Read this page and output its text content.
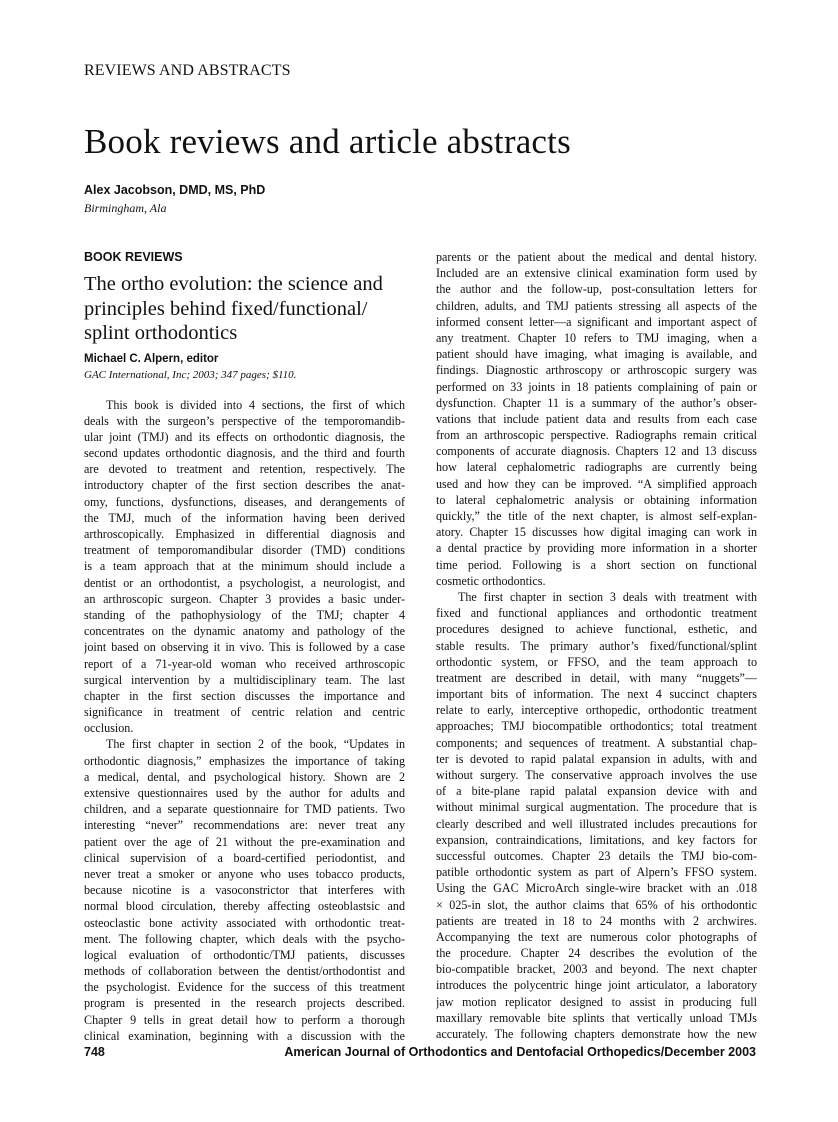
REVIEWS AND ABSTRACTS
Book reviews and article abstracts
Alex Jacobson, DMD, MS, PhD
Birmingham, Ala
BOOK REVIEWS
The ortho evolution: the science and
principles behind fixed/functional/
splint orthodontics
Michael C. Alpern, editor
GAC International, Inc; 2003; 347 pages; $110.
This book is divided into 4 sections, the first of which
deals with the surgeon’s perspective of the temporomandib-
ular joint (TMJ) and its effects on orthodontic diagnosis, the
second updates orthodontic diagnosis, and the third and fourth
are devoted to treatment and retention, respectively. The
introductory chapter of the first section describes the anat-
omy, functions, dysfunctions, diseases, and derangements of
the TMJ, much of the information having been derived
arthroscopically. Emphasized in differential diagnosis and
treatment of temporomandibular disorder (TMD) conditions
is a team approach that at the minimum should include a
dentist or an orthodontist, a psychologist, a neurologist, and
an arthroscopic surgeon. Chapter 3 provides a basic under-
standing of the pathophysiology of the TMJ; chapter 4
concentrates on the dynamic anatomy and pathology of the
joint based on observing it in vivo. This is followed by a case
report of a 71-year-old woman who received arthroscopic
surgical intervention by a multidisciplinary team. The last
chapter in the first section discusses the importance and
significance in treatment of centric relation and centric
occlusion.
The first chapter in section 2 of the book, “Updates in
orthodontic diagnosis,” emphasizes the importance of taking
a medical, dental, and psychological history. Shown are 2
extensive questionnaires used by the author for adults and
children, and a separate questionnaire for TMD patients. Two
interesting “never” recommendations are: never treat any
patient over the age of 21 without the pre-examination and
clinical supervision of a board-certified periodontist, and
never treat a smoker or anyone who uses tobacco products,
because nicotine is a vasoconstrictor that interferes with
normal blood circulation, thereby affecting osteoblastsic and
osteoclastic bone activity associated with orthodontic treat-
ment. The following chapter, which deals with the psycho-
logical evaluation of orthodontic/TMJ patients, discusses
methods of collaboration between the dentist/orthodontist and
the psychologist. Evidence for the success of this treatment
program is presented in the research projects described.
Chapter 9 tells in great detail how to perform a thorough
clinical examination, beginning with a discussion with the
parents or the patient about the medical and dental history.
Included are an extensive clinical examination form used by
the author and the follow-up, post-consultation letters for
children, adults, and TMJ patients stressing all aspects of the
informed consent letter—a significant and important aspect of
any treatment. Chapter 10 refers to TMJ imaging, when a
patient should have imaging, what imaging is available, and
findings. Diagnostic arthroscopy or arthroscopic surgery was
performed on 33 joints in 18 patients complaining of pain or
dysfunction. Chapter 11 is a summary of the author’s obser-
vations that include patient data and results from each case
from an arthroscopic perspective. Radiographs remain critical
components of accurate diagnosis. Chapters 12 and 13 discuss
how lateral cephalometric radiographs are currently being
used and how they can be improved. “A simplified approach
to lateral cephalometric analysis or obtaining information
quickly,” the title of the next chapter, is almost self-explan-
atory. Chapter 15 discusses how digital imaging can work in
a dental practice by providing more information in a shorter
time period. Following is a short section on functional
cosmetic orthodontics.
The first chapter in section 3 deals with treatment with
fixed and functional appliances and orthodontic treatment
procedures designed to achieve functional, esthetic, and
stable results. The primary author’s fixed/functional/splint
orthodontic system, or FFSO, and the team approach to
treatment are described in detail, with many “nuggets”—
important bits of information. The next 4 succinct chapters
relate to early, interceptive orthopedic, orthodontic treatment
approaches; TMJ biocompatible orthodontics; total treatment
components; and sequences of treatment. A substantial chap-
ter is devoted to rapid palatal expansion in adults, with and
without surgery. The conservative approach involves the use
of a bite-plane rapid palatal expansion device with and
without minimal surgical augmentation. The procedure that is
clearly described and well illustrated includes precautions for
expansion, contraindications, limitations, and key factors for
successful outcomes. Chapter 23 details the TMJ bio-com-
patible orthodontic system as part of Alpern’s FFSO system.
Using the GAC MicroArch single-wire bracket with an .018
× 025-in slot, the author claims that 65% of his orthodontic
patients are treated in 18 to 24 months with 2 archwires.
Accompanying the text are numerous color photographs of
the procedure. Chapter 24 describes the evolution of the
bio-compatible bracket, 2003 and beyond. The next chapter
introduces the polycentric hinge joint articulator, a laboratory
jaw motion replicator designed to assist in producing full
maxillary removable bite splints that vertically unload TMJs
accurately. The following chapters demonstrate how the new
748	American Journal of Orthodontics and Dentofacial Orthopedics/December 2003
